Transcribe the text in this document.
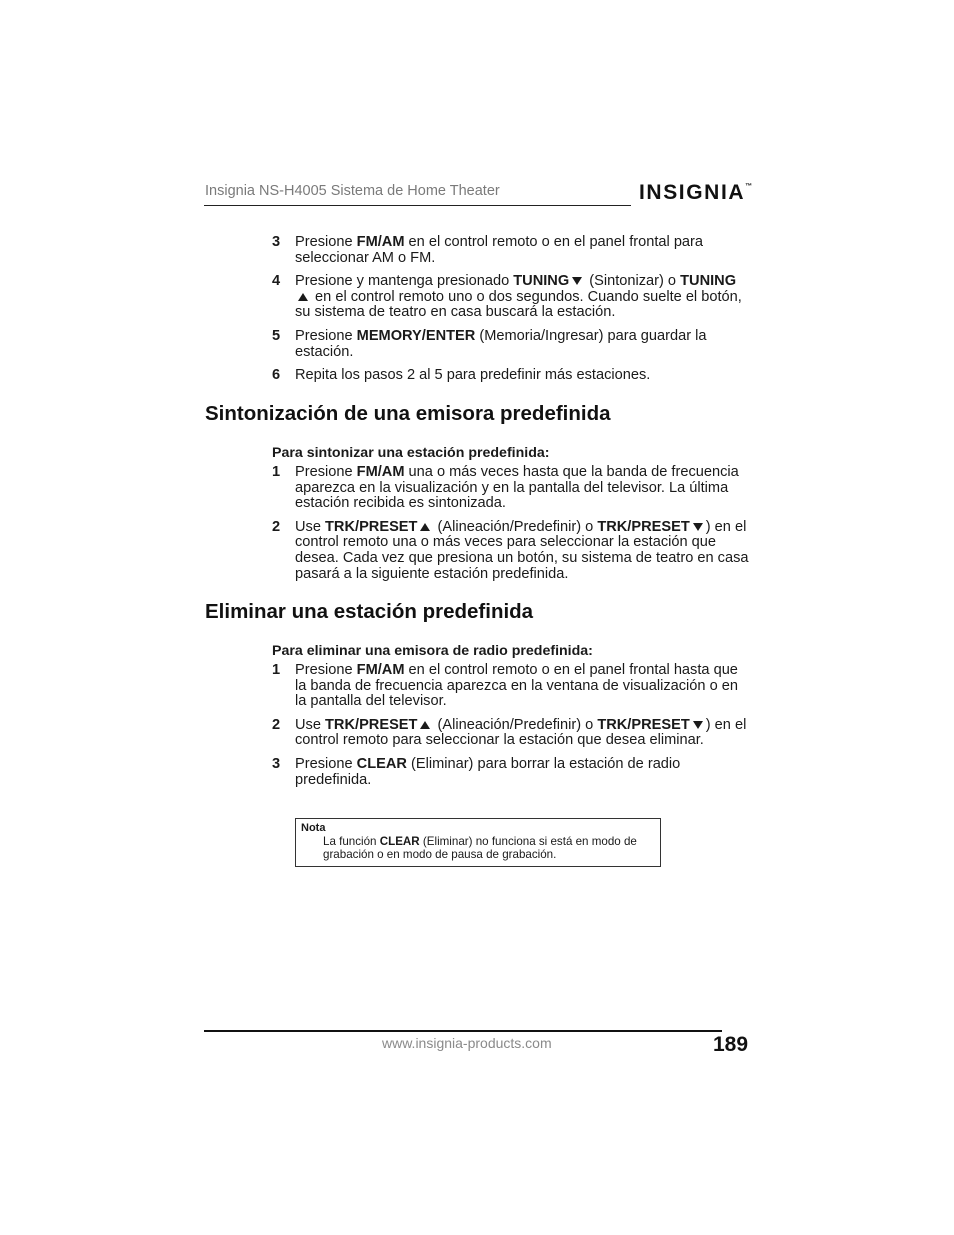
Insignia NS-H4005 Sistema de Home Theater	INSIGNIA™
3 Presione FM/AM en el control remoto o en el panel frontal para seleccionar AM o FM.
4 Presione y mantenga presionado TUNING (Sintonizar) o TUNING en el control remoto uno o dos segundos. Cuando suelte el botón, su sistema de teatro en casa buscará la estación.
5 Presione MEMORY/ENTER (Memoria/Ingresar) para guardar la estación.
6 Repita los pasos 2 al 5 para predefinir más estaciones.
Sintonización de una emisora predefinida
Para sintonizar una estación predefinida:
1 Presione FM/AM una o más veces hasta que la banda de frecuencia aparezca en la visualización y en la pantalla del televisor. La última estación recibida es sintonizada.
2 Use TRK/PRESET (Alineación/Predefinir) o TRK/PRESET ) en el control remoto una o más veces para seleccionar la estación que desea. Cada vez que presiona un botón, su sistema de teatro en casa pasará a la siguiente estación predefinida.
Eliminar una estación predefinida
Para eliminar una emisora de radio predefinida:
1 Presione FM/AM en el control remoto o en el panel frontal hasta que la banda de frecuencia aparezca en la ventana de visualización o en la pantalla del televisor.
2 Use TRK/PRESET (Alineación/Predefinir) o TRK/PRESET ) en el control remoto para seleccionar la estación que desea eliminar.
3 Presione CLEAR (Eliminar) para borrar la estación de radio predefinida.
Nota
La función CLEAR (Eliminar) no funciona si está en modo de grabación o en modo de pausa de grabación.
www.insignia-products.com	189
